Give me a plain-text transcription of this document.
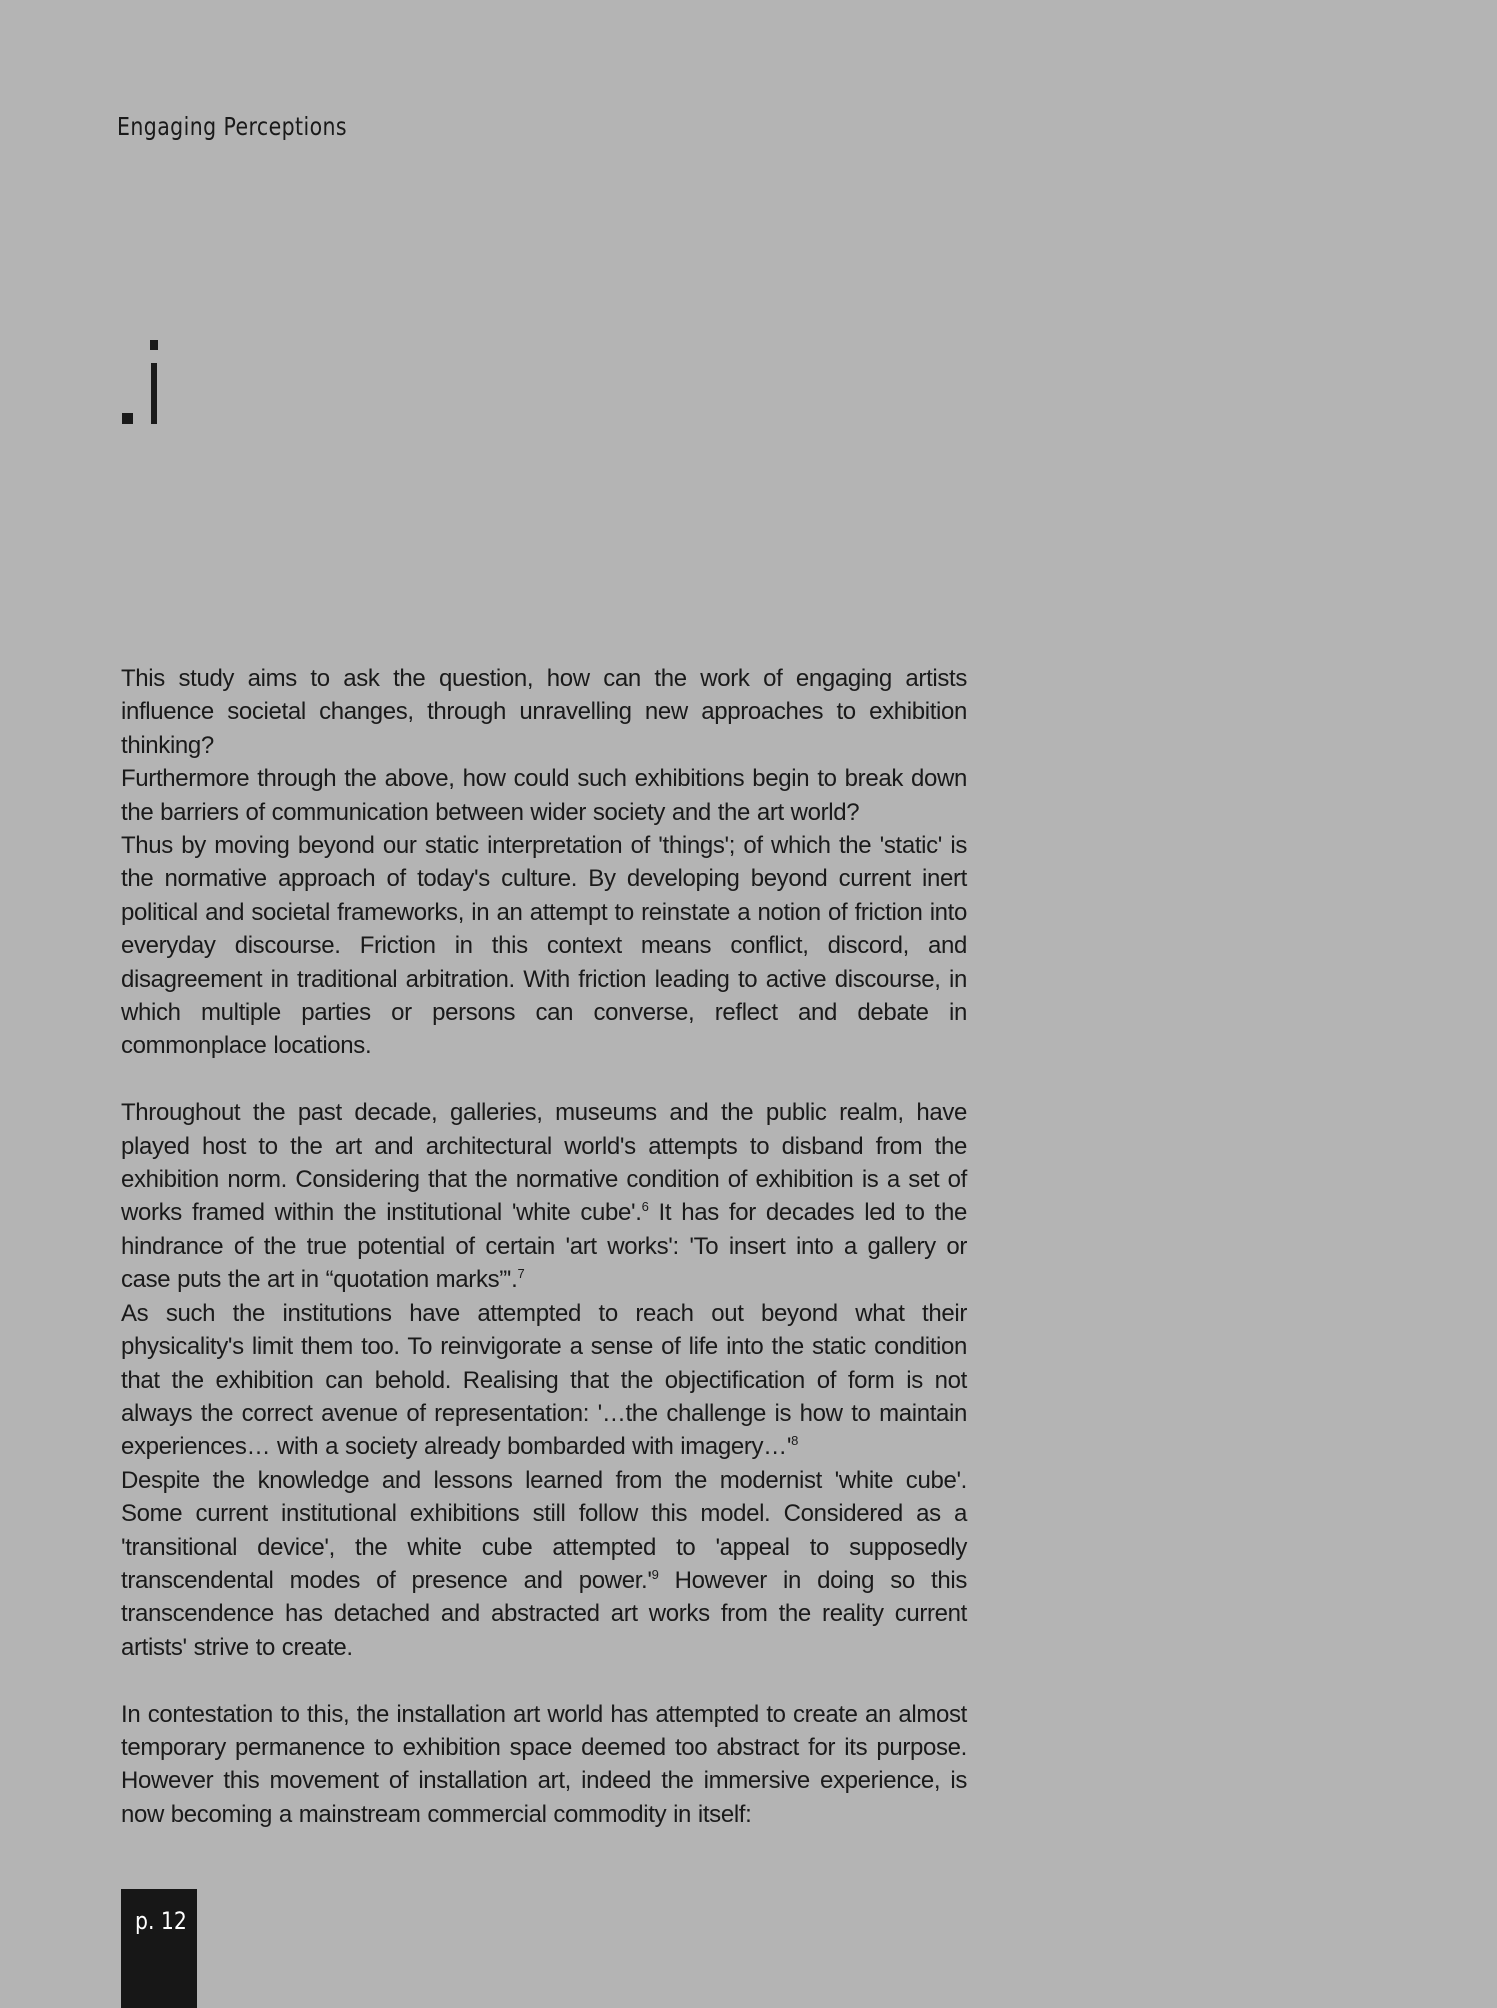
Engaging Perceptions

This study aims to ask the question, how can the work of engaging artists influence societal changes, through unravelling new approaches to exhibition thinking?

Furthermore through the above, how could such exhibitions begin to break down the barriers of communication between wider society and the art world?

Thus by moving beyond our static interpretation of 'things'; of which the 'static' is the normative approach of today's culture. By developing beyond current inert political and societal frameworks, in an attempt to reinstate a notion of friction into everyday discourse. Friction in this context means conflict, discord, and disagreement in traditional arbitration. With friction leading to active discourse, in which multiple parties or persons can converse, reflect and debate in commonplace locations.

Throughout the past decade, galleries, museums and the public realm, have played host to the art and architectural world's attempts to disband from the exhibition norm. Considering that the normative condition of exhibition is a set of works framed within the institutional 'white cube'.$^6$ It has for decades led to the hindrance of the true potential of certain 'art works': 'To insert into a gallery or case puts the art in “quotation marks”'.$^7$

As such the institutions have attempted to reach out beyond what their physicality's limit them too. To reinvigorate a sense of life into the static condition that the exhibition can behold. Realising that the objectification of form is not always the correct avenue of representation: '…the challenge is how to maintain experiences… with a society already bombarded with $imagery\dots'^8$

Despite the knowledge and lessons learned from the modernist 'white cube'. Some current institutional exhibitions still follow this model. Considered as a 'transitional device', the white cube attempted to 'appeal to supposedly transcendental modes of presence and $power.'^9$ However in doing so this transcendence has detached and abstracted art works from the reality current artists' strive to create.

In contestation to this, the installation art world has attempted to create an almost temporary permanence to exhibition space deemed too abstract for its purpose. However this movement of installation art, indeed the immersive experience, is now becoming a mainstream commercial commodity in itself:

p. 12
